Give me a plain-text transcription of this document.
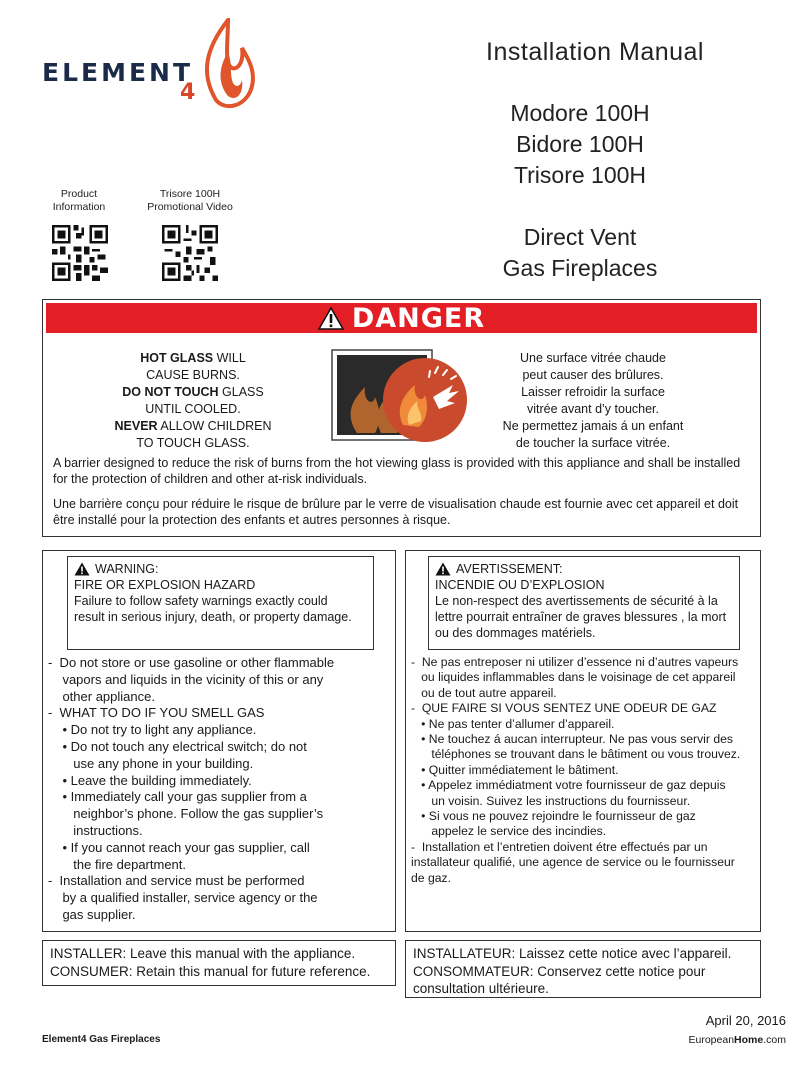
ELEMENT
4
Installation Manual
Modore 100H
Bidore 100H
Trisore 100H
Direct Vent
Gas Fireplaces
Product
Information
Trisore 100H
Promotional Video
DANGER
HOT GLASS WILL
CAUSE BURNS.
DO NOT TOUCH GLASS
UNTIL COOLED.
NEVER ALLOW CHILDREN
TO TOUCH GLASS.
Une surface vitrée chaude
peut causer des brûlures.
Laisser refroidir la surface
vitrée avant d’y toucher.
Ne permettez jamais á un enfant
de toucher la surface vitrée.
A barrier designed to reduce the risk of burns from the hot viewing glass is provided with this appliance and shall be installed for the protection of children and other at-risk individuals.
Une barrière conçu pour réduire le risque de brûlure par le verre de visualisation chaude est fournie avec cet appareil et doit être installé pour la protection des enfants et autres personnes à risque.
WARNING:
FIRE OR EXPLOSION HAZARD
Failure to follow safety warnings exactly could
result in serious injury, death, or property damage.
-  Do not store or use gasoline or other flammable
vapors and liquids in the vicinity of this or any
other appliance.
-  WHAT TO DO IF YOU SMELL GAS
• Do not try to light any appliance.
• Do not touch any electrical switch; do not
use any phone in your building.
• Leave the building immediately.
• Immediately call your gas supplier from a
neighbor’s phone. Follow the gas supplier’s
instructions.
• If you cannot reach your gas supplier, call
the fire department.
-  Installation and service must be performed
by a qualified installer, service agency or the
gas supplier.
AVERTISSEMENT:
INCENDIE OU D’EXPLOSION
Le non-respect des avertissements de sécurité à la
lettre pourrait entraîner de graves blessures , la mort
ou des dommages matériels.
-  Ne pas entreposer ni utilizer d’essence ni d’autres vapeurs
ou liquides inflammables dans le voisinage de cet appareil
ou de tout autre appareil.
-  QUE FAIRE SI VOUS SENTEZ UNE ODEUR DE GAZ
• Ne pas tenter d’allumer d’appareil.
• Ne touchez á aucan interrupteur. Ne pas vous servir des
téléphones se trouvant dans le bâtiment ou vous trouvez.
• Quitter immédiatement le bâtiment.
• Appelez immédiatment votre fournisseur de gaz depuis
un voisin. Suivez les instructions du fournisseur.
• Si vous ne pouvez rejoindre le fournisseur de gaz
appelez le service des incindies.
-  Installation et l’entretien doivent étre effectués par un
installateur qualifié, une agence de service ou le fournisseur
de gaz.
INSTALLER: Leave this manual with the appliance.
CONSUMER: Retain this manual for future reference.
INSTALLATEUR: Laissez cette notice avec l’appareil.
CONSOMMATEUR: Conservez cette notice pour
consultation ultérieure.
April 20, 2016
Element4 Gas Fireplaces	EuropeanHome.com
